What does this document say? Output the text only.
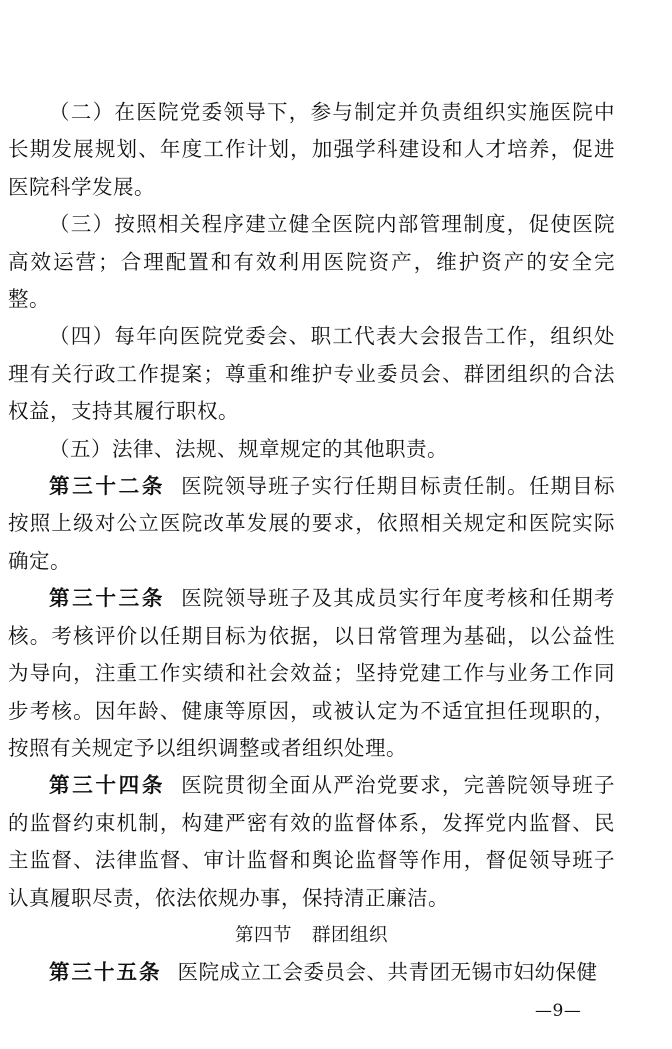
（二）在医院党委领导下，参与制定并负责组织实施医院中长期发展规划、年度工作计划，加强学科建设和人才培养，促进医院科学发展。

（三）按照相关程序建立健全医院内部管理制度，促使医院高效运营；合理配置和有效利用医院资产，维护资产的安全完整。

（四）每年向医院党委会、职工代表大会报告工作，组织处理有关行政工作提案；尊重和维护专业委员会、群团组织的合法权益，支持其履行职权。

（五）法律、法规、规章规定的其他职责。

第三十二条 医院领导班子实行任期目标责任制。任期目标按照上级对公立医院改革发展的要求，依照相关规定和医院实际确定。

第三十三条 医院领导班子及其成员实行年度考核和任期考核。考核评价以任期目标为依据，以日常管理为基础，以公益性为导向，注重工作实绩和社会效益；坚持党建工作与业务工作同步考核。因年龄、健康等原因，或被认定为不适宜担任现职的，按照有关规定予以组织调整或者组织处理。

第三十四条 医院贯彻全面从严治党要求，完善院领导班子的监督约束机制，构建严密有效的监督体系，发挥党内监督、民主监督、法律监督、审计监督和舆论监督等作用，督促领导班子认真履职尽责，依法依规办事，保持清正廉洁。

第四节 群团组织

第三十五条 医院成立工会委员会、共青团无锡市妇幼保健

—9—
